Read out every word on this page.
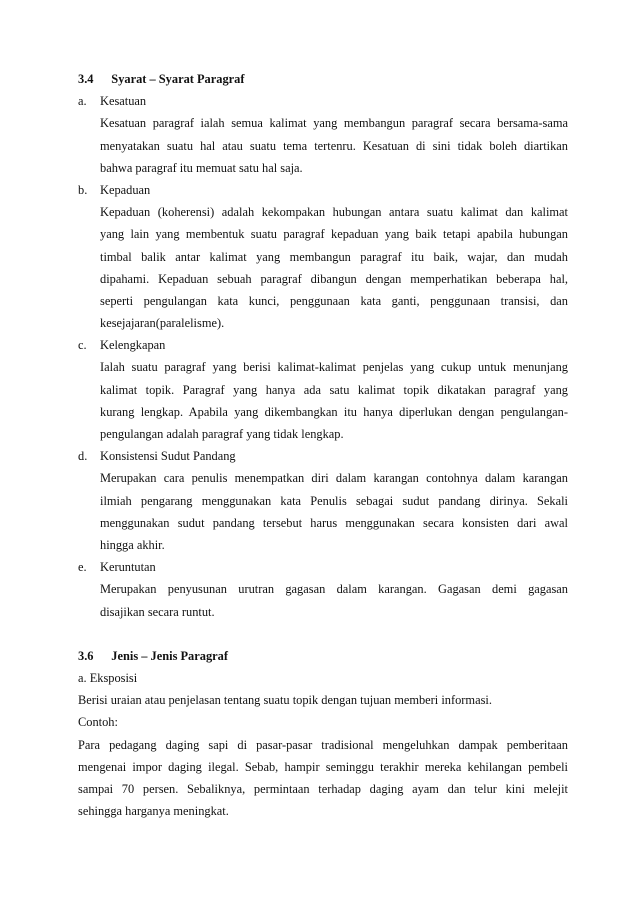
3.4 Syarat – Syarat Paragraf
a. Kesatuan
Kesatuan paragraf ialah semua kalimat yang membangun paragraf secara bersama-sama
menyatakan suatu hal atau suatu tema tertenru. Kesatuan di sini tidak boleh diartikan
bahwa paragraf itu memuat satu hal saja.
b. Kepaduan
Kepaduan (koherensi) adalah kekompakan hubungan antara suatu kalimat dan kalimat
yang lain yang membentuk suatu paragraf kepaduan yang baik tetapi apabila hubungan
timbal balik antar kalimat yang membangun paragraf itu baik, wajar, dan mudah
dipahami. Kepaduan sebuah paragraf dibangun dengan memperhatikan beberapa hal,
seperti pengulangan kata kunci, penggunaan kata ganti, penggunaan transisi, dan
kesejajaran(paralelisme).
c. Kelengkapan
Ialah suatu paragraf yang berisi kalimat-kalimat penjelas yang cukup untuk menunjang
kalimat topik. Paragraf yang hanya ada satu kalimat topik dikatakan paragraf yang
kurang lengkap. Apabila yang dikembangkan itu hanya diperlukan dengan pengulangan-
pengulangan adalah paragraf yang tidak lengkap.
d. Konsistensi Sudut Pandang
Merupakan cara penulis menempatkan diri dalam karangan contohnya dalam karangan
ilmiah pengarang menggunakan kata Penulis sebagai sudut pandang dirinya. Sekali
menggunakan sudut pandang tersebut harus menggunakan secara konsisten dari awal
hingga akhir.
e. Keruntutan
Merupakan penyusunan urutran gagasan dalam karangan. Gagasan demi gagasan
disajikan secara runtut.
3.6 Jenis – Jenis Paragraf
a. Eksposisi
Berisi uraian atau penjelasan tentang suatu topik dengan tujuan memberi informasi.
Contoh:
Para pedagang daging sapi di pasar-pasar tradisional mengeluhkan dampak pemberitaan
mengenai impor daging ilegal. Sebab, hampir seminggu terakhir mereka kehilangan pembeli
sampai 70 persen. Sebaliknya, permintaan terhadap daging ayam dan telur kini melejit
sehingga harganya meningkat.
